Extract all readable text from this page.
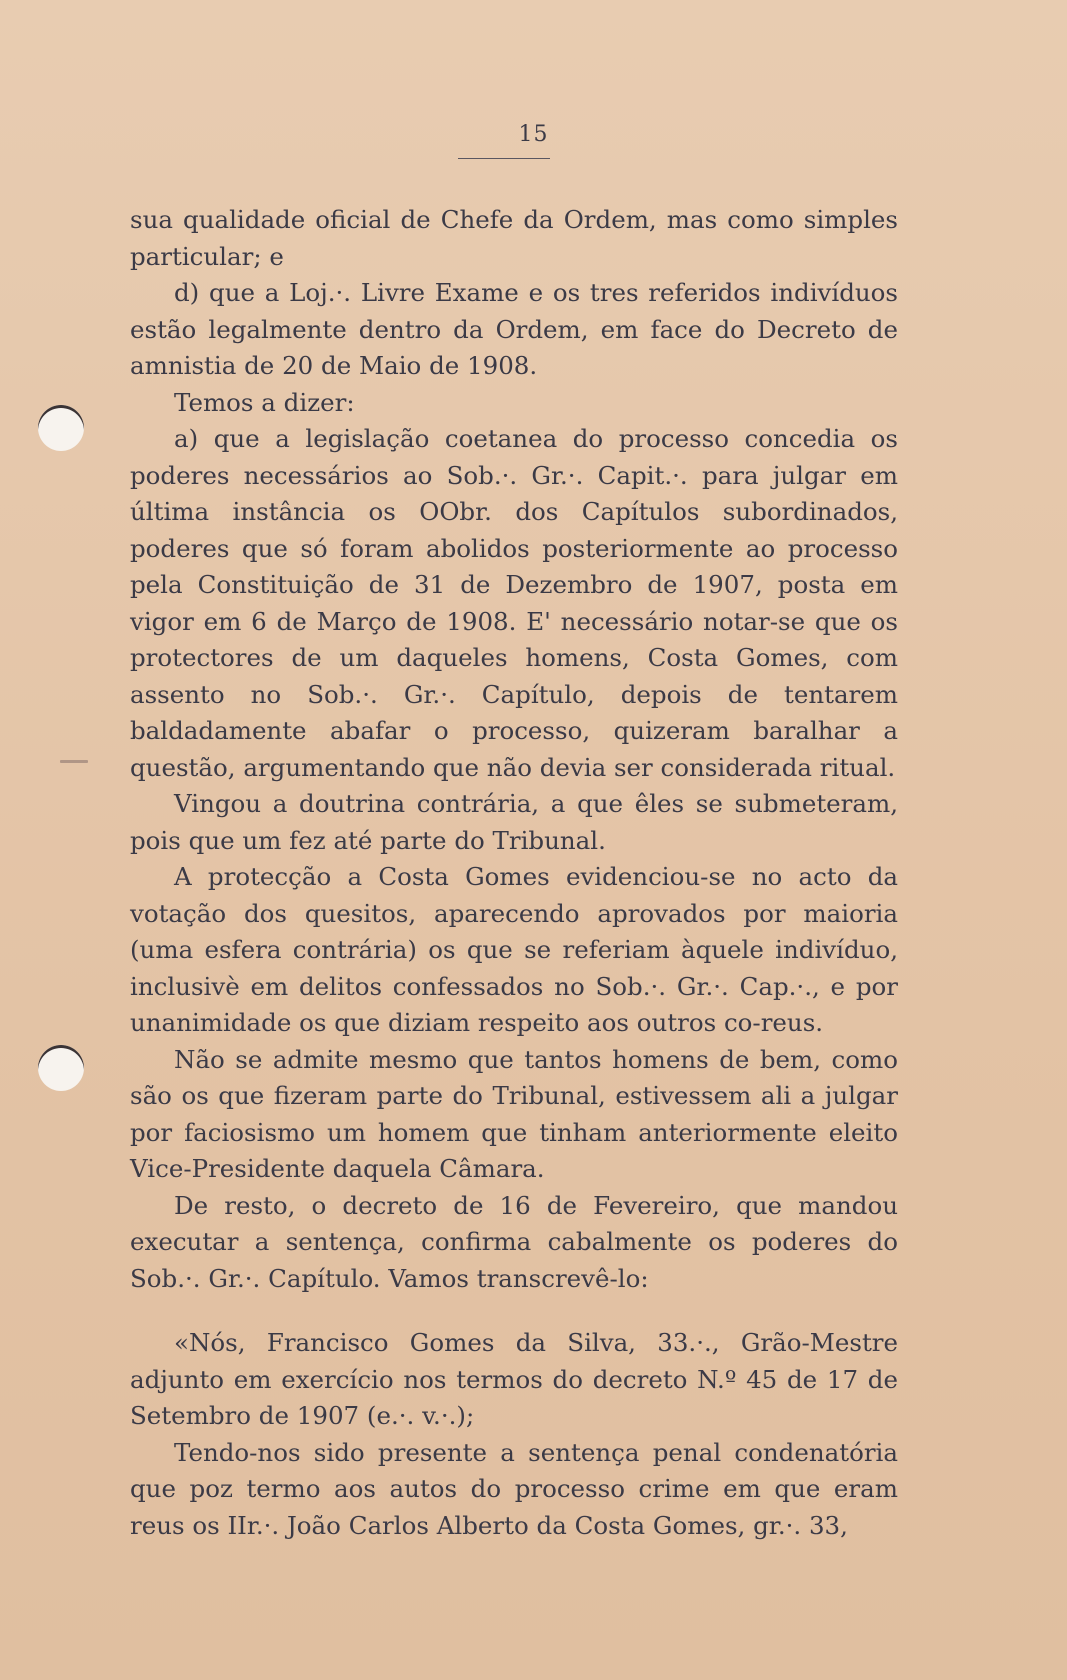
15

sua qualidade oficial de Chefe da Ordem, mas como simples particular; e

d) que a Loj.·. Livre Exame e os tres referidos indivíduos estão legalmente dentro da Ordem, em face do Decreto de amnistia de 20 de Maio de 1908.

Temos a dizer:

a) que a legislação coetanea do processo concedia os poderes necessários ao Sob.·. Gr.·. Capit.·. para julgar em última instância os OObr. dos Capítulos subordinados, poderes que só foram abolidos posteriormente ao processo pela Constituição de 31 de Dezembro de 1907, posta em vigor em 6 de Março de 1908. E' necessário notar-se que os protectores de um daqueles homens, Costa Gomes, com assento no Sob.·. Gr.·. Capítulo, depois de tentarem baldadamente abafar o processo, quizeram baralhar a questão, argumentando que não devia ser considerada ritual.

Vingou a doutrina contrária, a que êles se submeteram, pois que um fez até parte do Tribunal.

A protecção a Costa Gomes evidenciou-se no acto da votação dos quesitos, aparecendo aprovados por maioria (uma esfera contrária) os que se referiam àquele indivíduo, inclusivè em delitos confessados no Sob.·. Gr.·. Cap.·., e por unanimidade os que diziam respeito aos outros co-reus.

Não se admite mesmo que tantos homens de bem, como são os que fizeram parte do Tribunal, estivessem ali a julgar por faciosismo um homem que tinham anteriormente eleito Vice-Presidente daquela Câmara.

De resto, o decreto de 16 de Fevereiro, que mandou executar a sentença, confirma cabalmente os poderes do Sob.·. Gr.·. Capítulo. Vamos transcrevê-lo:

«Nós, Francisco Gomes da Silva, 33.·., Grão-Mestre adjunto em exercício nos termos do decreto N.º 45 de 17 de Setembro de 1907 (e.·. v.·.);

Tendo-nos sido presente a sentença penal condenatória que poz termo aos autos do processo crime em que eram reus os IIr.·. João Carlos Alberto da Costa Gomes, gr.·. 33,
